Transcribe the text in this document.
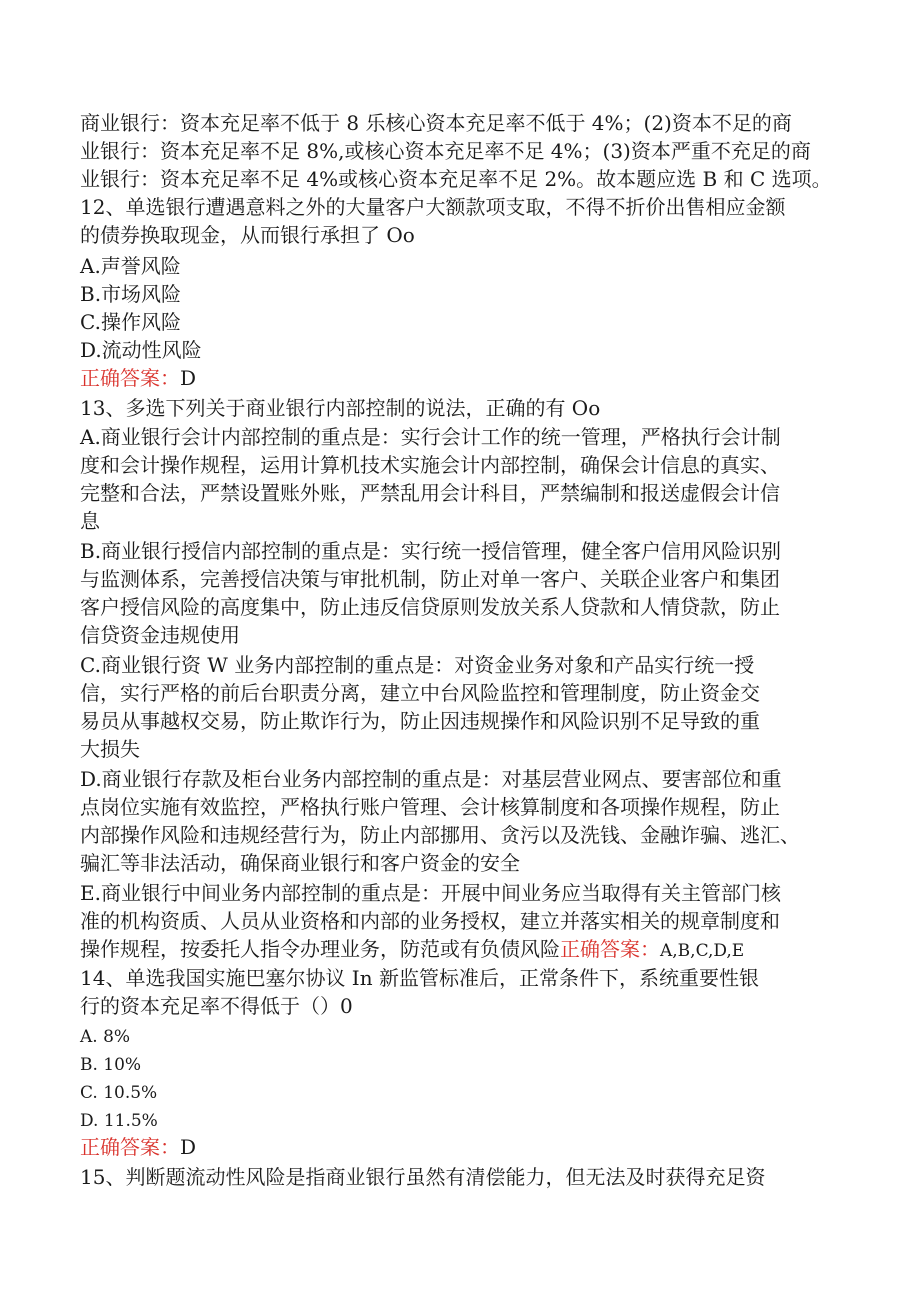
商业银行：资本充足率不低于 8 乐核心资本充足率不低于 4%；(2)资本不足的商
业银行：资本充足率不足 8%,或核心资本充足率不足 4%；(3)资本严重不充足的商
业银行：资本充足率不足 4%或核心资本充足率不足 2%。故本题应选 B 和 C 选项。
12、单选银行遭遇意料之外的大量客户大额款项支取，不得不折价出售相应金额
的债券换取现金，从而银行承担了 Oo
A.声誉风险
B.市场风险
C.操作风险
D.流动性风险
正确答案：D
13、多选下列关于商业银行内部控制的说法，正确的有 Oo
A.商业银行会计内部控制的重点是：实行会计工作的统一管理，严格执行会计制
度和会计操作规程，运用计算机技术实施会计内部控制，确保会计信息的真实、
完整和合法，严禁设置账外账，严禁乱用会计科目，严禁编制和报送虚假会计信
息
B.商业银行授信内部控制的重点是：实行统一授信管理，健全客户信用风险识别
与监测体系，完善授信决策与审批机制，防止对单一客户、关联企业客户和集团
客户授信风险的高度集中，防止违反信贷原则发放关系人贷款和人情贷款，防止
信贷资金违规使用
C.商业银行资 W 业务内部控制的重点是：对资金业务对象和产品实行统一授
信，实行严格的前后台职责分离，建立中台风险监控和管理制度，防止资金交
易员从事越权交易，防止欺诈行为，防止因违规操作和风险识别不足导致的重
大损失
D.商业银行存款及柜台业务内部控制的重点是：对基层营业网点、要害部位和重
点岗位实施有效监控，严格执行账户管理、会计核算制度和各项操作规程，防止
内部操作风险和违规经营行为，防止内部挪用、贪污以及洗钱、金融诈骗、逃汇、
骗汇等非法活动，确保商业银行和客户资金的安全
E.商业银行中间业务内部控制的重点是：开展中间业务应当取得有关主管部门核
准的机构资质、人员从业资格和内部的业务授权，建立并落实相关的规章制度和
操作规程，按委托人指令办理业务，防范或有负债风险正确答案：A,B,C,D,E
14、单选我国实施巴塞尔协议 In 新监管标准后，正常条件下，系统重要性银
行的资本充足率不得低于（）0
A. 8%
B. 10%
C. 10.5%
D. 11.5%
正确答案：D
15、判断题流动性风险是指商业银行虽然有清偿能力，但无法及时获得充足资
